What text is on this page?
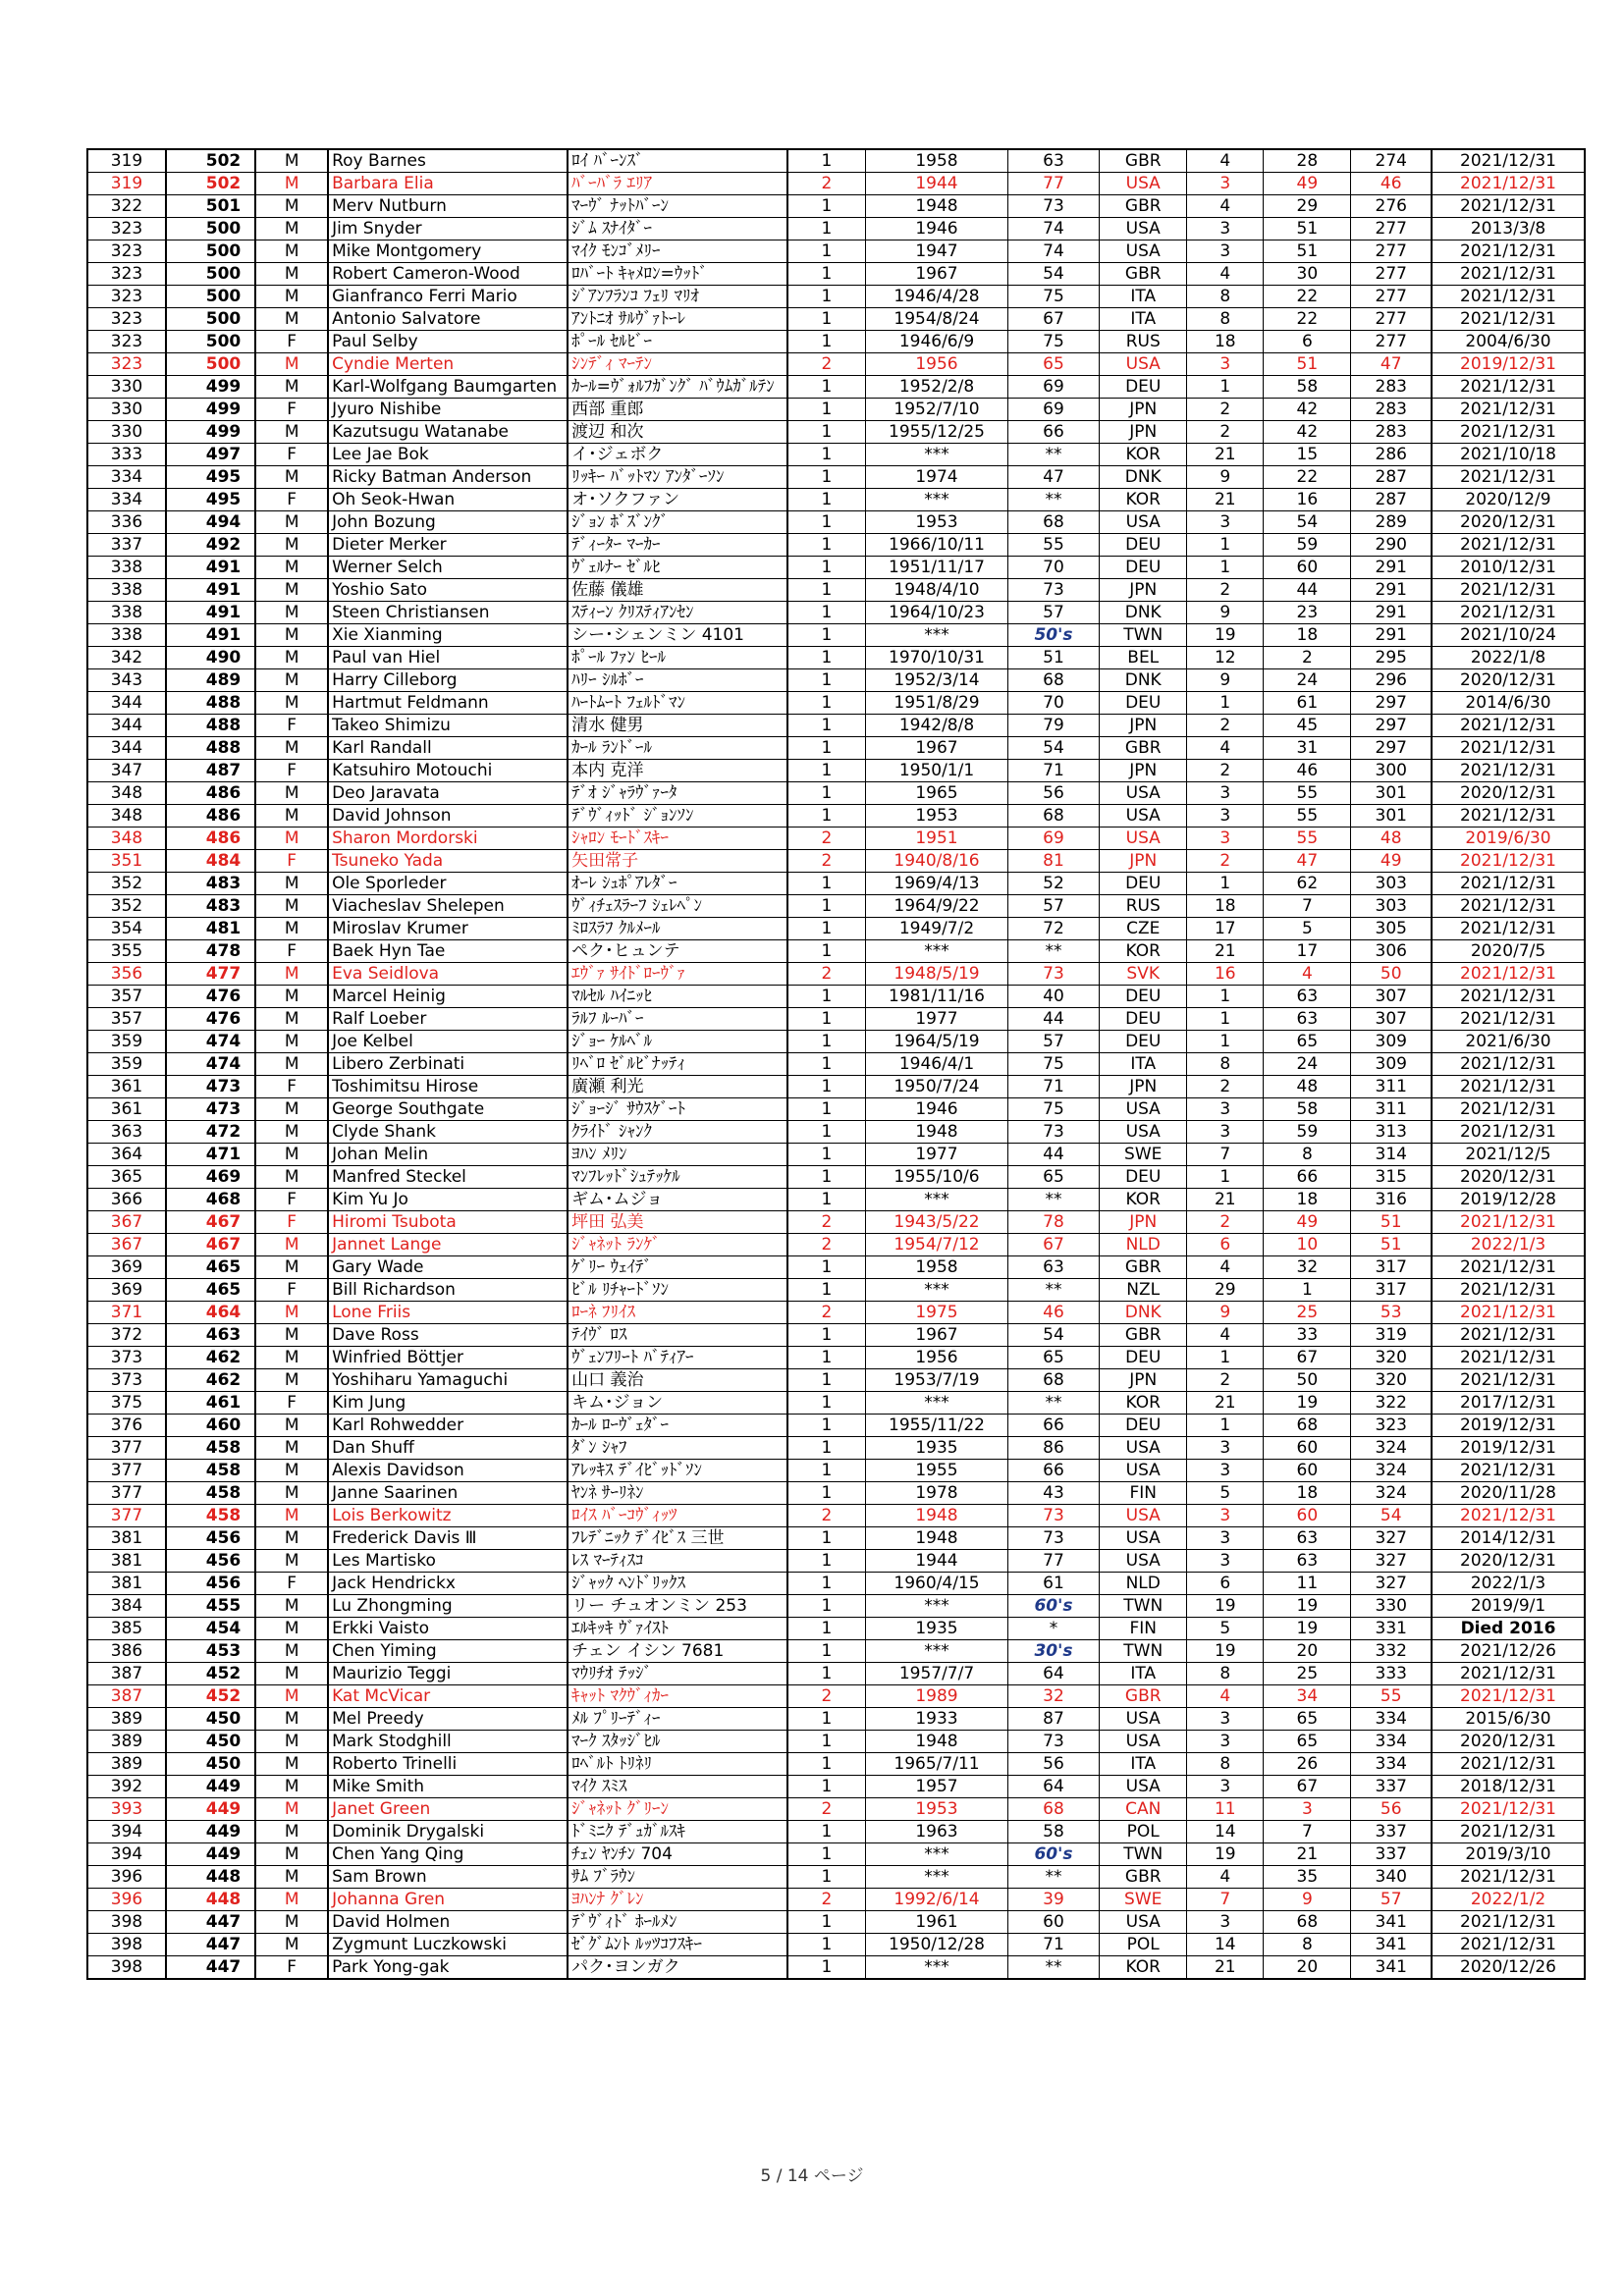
319	502	M	Roy Barnes	ﾛｲ ﾊﾞｰﾝｽﾞ	1	1958	63	GBR	4	28	274	2021/12/31
319	502	M	Barbara Elia	ﾊﾞｰﾊﾞﾗ ｴﾘｱ	2	1944	77	USA	3	49	46	2021/12/31
322	501	M	Merv Nutburn	ﾏｰｳﾞ ﾅｯﾄﾊﾞｰﾝ	1	1948	73	GBR	4	29	276	2021/12/31
323	500	M	Jim Snyder	ｼﾞﾑ ｽﾅｲﾀﾞｰ	1	1946	74	USA	3	51	277	2013/3/8
323	500	M	Mike Montgomery	ﾏｲｸ ﾓﾝｺﾞﾒﾘｰ	1	1947	74	USA	3	51	277	2021/12/31
323	500	M	Robert Cameron-Wood	ﾛﾊﾞｰﾄ ｷｬﾒﾛﾝ=ｳｯﾄﾞ	1	1967	54	GBR	4	30	277	2021/12/31
323	500	M	Gianfranco Ferri Mario	ｼﾞｱﾝﾌﾗﾝｺ ﾌｪﾘ ﾏﾘｵ	1	1946/4/28	75	ITA	8	22	277	2021/12/31
323	500	M	Antonio Salvatore	ｱﾝﾄﾆｵ ｻﾙｳﾞｧﾄｰﾚ	1	1954/8/24	67	ITA	8	22	277	2021/12/31
323	500	F	Paul Selby	ﾎﾟｰﾙ ｾﾙﾋﾞｰ	1	1946/6/9	75	RUS	18	6	277	2004/6/30
323	500	M	Cyndie Merten	ｼﾝﾃﾞｨ ﾏｰﾃﾝ	2	1956	65	USA	3	51	47	2019/12/31
330	499	M	Karl-Wolfgang Baumgarten	ｶｰﾙ=ｳﾞｫﾙﾌｶﾞﾝｸﾞ ﾊﾞｳﾑｶﾞﾙﾃﾝ	1	1952/2/8	69	DEU	1	58	283	2021/12/31
330	499	F	Jyuro Nishibe	西部 重郎	1	1952/7/10	69	JPN	2	42	283	2021/12/31
330	499	M	Kazutsugu Watanabe	渡辺 和次	1	1955/12/25	66	JPN	2	42	283	2021/12/31
333	497	F	Lee Jae Bok	イ･ジェボク	1	***	**	KOR	21	15	286	2021/10/18
334	495	M	Ricky Batman Anderson	ﾘｯｷｰ ﾊﾞｯﾄﾏﾝ ｱﾝﾀﾞｰｿﾝ	1	1974	47	DNK	9	22	287	2021/12/31
334	495	F	Oh Seok-Hwan	オ･ソクファン	1	***	**	KOR	21	16	287	2020/12/9
336	494	M	John Bozung	ｼﾞｮﾝ ﾎﾞｽﾞﾝｸﾞ	1	1953	68	USA	3	54	289	2020/12/31
337	492	M	Dieter Merker	ﾃﾞｨｰﾀｰ ﾏｰｶｰ	1	1966/10/11	55	DEU	1	59	290	2021/12/31
338	491	M	Werner Selch	ｳﾞｪﾙﾅｰ ｾﾞﾙﾋ	1	1951/11/17	70	DEU	1	60	291	2010/12/31
338	491	M	Yoshio Sato	佐藤 儀雄	1	1948/4/10	73	JPN	2	44	291	2021/12/31
338	491	M	Steen Christiansen	ｽﾃｨｰﾝ ｸﾘｽﾃｨｱﾝｾﾝ	1	1964/10/23	57	DNK	9	23	291	2021/12/31
338	491	M	Xie Xianming	シー･シェンミン 4101	1	***	50's	TWN	19	18	291	2021/10/24
342	490	M	Paul van Hiel	ﾎﾟｰﾙ ﾌｧﾝ ﾋｰﾙ	1	1970/10/31	51	BEL	12	2	295	2022/1/8
343	489	M	Harry Cilleborg	ﾊﾘｰ ｼﾙﾎﾞｰ	1	1952/3/14	68	DNK	9	24	296	2020/12/31
344	488	M	Hartmut Feldmann	ﾊｰﾄﾑｰﾄ ﾌｪﾙﾄﾞﾏﾝ	1	1951/8/29	70	DEU	1	61	297	2014/6/30
344	488	F	Takeo Shimizu	清水 健男	1	1942/8/8	79	JPN	2	45	297	2021/12/31
344	488	M	Karl Randall	ｶｰﾙ ﾗﾝﾄﾞｰﾙ	1	1967	54	GBR	4	31	297	2021/12/31
347	487	F	Katsuhiro Motouchi	本内 克洋	1	1950/1/1	71	JPN	2	46	300	2021/12/31
348	486	M	Deo Jaravata	ﾃﾞｵ ｼﾞｬﾗｳﾞｧｰﾀ	1	1965	56	USA	3	55	301	2020/12/31
348	486	M	David Johnson	ﾃﾞｳﾞｨｯﾄﾞ ｼﾞｮﾝｿﾝ	1	1953	68	USA	3	55	301	2021/12/31
348	486	M	Sharon Mordorski	ｼｬﾛﾝ ﾓｰﾄﾞｽｷｰ	2	1951	69	USA	3	55	48	2019/6/30
351	484	F	Tsuneko Yada	矢田常子	2	1940/8/16	81	JPN	2	47	49	2021/12/31
352	483	M	Ole Sporleder	ｵｰﾚ ｼｭﾎﾟｱﾚﾀﾞｰ	1	1969/4/13	52	DEU	1	62	303	2021/12/31
352	483	M	Viacheslav Shelepen	ｳﾞｨﾁｪｽﾗｰﾌ ｼｪﾚﾍﾟﾝ	1	1964/9/22	57	RUS	18	7	303	2021/12/31
354	481	M	Miroslav Krumer	ﾐﾛｽﾗﾌ ｸﾙﾒｰﾙ	1	1949/7/2	72	CZE	17	5	305	2021/12/31
355	478	F	Baek Hyn Tae	ペク･ヒュンテ	1	***	**	KOR	21	17	306	2020/7/5
356	477	M	Eva Seidlova	ｴｳﾞｧ ｻｲﾄﾞﾛｰｳﾞｧ	2	1948/5/19	73	SVK	16	4	50	2021/12/31
357	476	M	Marcel Heinig	ﾏﾙｾﾙ ﾊｲﾆｯﾋ	1	1981/11/16	40	DEU	1	63	307	2021/12/31
357	476	M	Ralf Loeber	ﾗﾙﾌ ﾙｰﾊﾞｰ	1	1977	44	DEU	1	63	307	2021/12/31
359	474	M	Joe Kelbel	ｼﾞｮｰ ｹﾙﾍﾞﾙ	1	1964/5/19	57	DEU	1	65	309	2021/6/30
359	474	M	Libero Zerbinati	ﾘﾍﾞﾛ ｾﾞﾙﾋﾞﾅｯﾃｨ	1	1946/4/1	75	ITA	8	24	309	2021/12/31
361	473	F	Toshimitsu Hirose	廣瀬 利光	1	1950/7/24	71	JPN	2	48	311	2021/12/31
361	473	M	George Southgate	ｼﾞｮｰｼﾞ ｻｳｽｹﾞｰﾄ	1	1946	75	USA	3	58	311	2021/12/31
363	472	M	Clyde Shank	ｸﾗｲﾄﾞ ｼｬﾝｸ	1	1948	73	USA	3	59	313	2021/12/31
364	471	M	Johan Melin	ﾖﾊﾝ ﾒﾘﾝ	1	1977	44	SWE	7	8	314	2021/12/5
365	469	M	Manfred Steckel	ﾏﾝﾌﾚｯﾄﾞｼｭﾃｯｹﾙ	1	1955/10/6	65	DEU	1	66	315	2020/12/31
366	468	F	Kim Yu Jo	ギム･ムジョ	1	***	**	KOR	21	18	316	2019/12/28
367	467	F	Hiromi Tsubota	坪田 弘美	2	1943/5/22	78	JPN	2	49	51	2021/12/31
367	467	M	Jannet Lange	ｼﾞｬﾈｯﾄ ﾗﾝｹﾞ	2	1954/7/12	67	NLD	6	10	51	2022/1/3
369	465	M	Gary Wade	ｹﾞﾘｰ ｳｪｲﾃﾞ	1	1958	63	GBR	4	32	317	2021/12/31
369	465	F	Bill Richardson	ﾋﾞﾙ ﾘﾁｬｰﾄﾞｿﾝ	1	***	**	NZL	29	1	317	2021/12/31
371	464	M	Lone Friis	ﾛｰﾈ ﾌﾘｲｽ	2	1975	46	DNK	9	25	53	2021/12/31
372	463	M	Dave Ross	ﾃｲｳﾞ ﾛｽ	1	1967	54	GBR	4	33	319	2021/12/31
373	462	M	Winfried Böttjer	ｳﾞｪﾝﾌﾘｰﾄ ﾊﾞﾃｨｱｰ	1	1956	65	DEU	1	67	320	2021/12/31
373	462	M	Yoshiharu Yamaguchi	山口 義治	1	1953/7/19	68	JPN	2	50	320	2021/12/31
375	461	F	Kim Jung	キム･ジョン	1	***	**	KOR	21	19	322	2017/12/31
376	460	M	Karl Rohwedder	ｶｰﾙ ﾛｰｳﾞｪﾀﾞｰ	1	1955/11/22	66	DEU	1	68	323	2019/12/31
377	458	M	Dan Shuff	ﾀﾞﾝ ｼｬﾌ	1	1935	86	USA	3	60	324	2019/12/31
377	458	M	Alexis Davidson	ｱﾚｯｷｽ ﾃﾞｲﾋﾞｯﾄﾞｿﾝ	1	1955	66	USA	3	60	324	2021/12/31
377	458	M	Janne Saarinen	ﾔﾝﾈ ｻｰﾘﾈﾝ	1	1978	43	FIN	5	18	324	2020/11/28
377	458	M	Lois Berkowitz	ﾛｲｽ ﾊﾞｰｺｳﾞｨｯﾂ	2	1948	73	USA	3	60	54	2021/12/31
381	456	M	Frederick Davis Ⅲ	ﾌﾚﾃﾞﾆｯｸ ﾃﾞｲﾋﾞｽ 三世	1	1948	73	USA	3	63	327	2014/12/31
381	456	M	Les Martisko	ﾚｽ ﾏｰﾃｨｽｺ	1	1944	77	USA	3	63	327	2020/12/31
381	456	F	Jack Hendrickx	ｼﾞｬｯｸ ﾍﾝﾄﾞﾘｯｸｽ	1	1960/4/15	61	NLD	6	11	327	2022/1/3
384	455	M	Lu Zhongming	リー チュオンミン 253	1	***	60's	TWN	19	19	330	2019/9/1
385	454	M	Erkki Vaisto	ｴﾙｷｯｷ ｳﾞｧｲｽﾄ	1	1935	*	FIN	5	19	331	Died 2016
386	453	M	Chen Yiming	チェン イシン 7681	1	***	30's	TWN	19	20	332	2021/12/26
387	452	M	Maurizio Teggi	ﾏｳﾘﾁｵ ﾃｯｼﾞ	1	1957/7/7	64	ITA	8	25	333	2021/12/31
387	452	M	Kat McVicar	ｷｬｯﾄ ﾏｸｳﾞｨｶｰ	2	1989	32	GBR	4	34	55	2021/12/31
389	450	M	Mel Preedy	ﾒﾙ ﾌﾟﾘｰﾃﾞｨｰ	1	1933	87	USA	3	65	334	2015/6/30
389	450	M	Mark Stodghill	ﾏｰｸ ｽﾀｯｼﾞﾋﾙ	1	1948	73	USA	3	65	334	2020/12/31
389	450	M	Roberto Trinelli	ﾛﾍﾞﾙﾄ ﾄﾘﾈﾘ	1	1965/7/11	56	ITA	8	26	334	2021/12/31
392	449	M	Mike Smith	ﾏｲｸ ｽﾐｽ	1	1957	64	USA	3	67	337	2018/12/31
393	449	M	Janet Green	ｼﾞｬﾈｯﾄ ｸﾞﾘｰﾝ	2	1953	68	CAN	11	3	56	2021/12/31
394	449	M	Dominik Drygalski	ﾄﾞﾐﾆｸ ﾃﾞｭｶﾞﾙｽｷ	1	1963	58	POL	14	7	337	2021/12/31
394	449	M	Chen Yang Qing	ﾁｪﾝ ﾔﾝﾁﾝ 704	1	***	60's	TWN	19	21	337	2019/3/10
396	448	M	Sam Brown	ｻﾑ ﾌﾞﾗｳﾝ	1	***	**	GBR	4	35	340	2021/12/31
396	448	M	Johanna Gren	ﾖﾊﾝﾅ ｸﾞﾚﾝ	2	1992/6/14	39	SWE	7	9	57	2022/1/2
398	447	M	David Holmen	ﾃﾞｳﾞｨﾄﾞ ﾎｰﾙﾒﾝ	1	1961	60	USA	3	68	341	2021/12/31
398	447	M	Zygmunt Luczkowski	ｾﾞｸﾞﾑﾝﾄ ﾙｯﾂｺﾌｽｷｰ	1	1950/12/28	71	POL	14	8	341	2021/12/31
398	447	F	Park Yong-gak	パク･ヨンガク	1	***	**	KOR	21	20	341	2020/12/26
5 / 14 ページ
